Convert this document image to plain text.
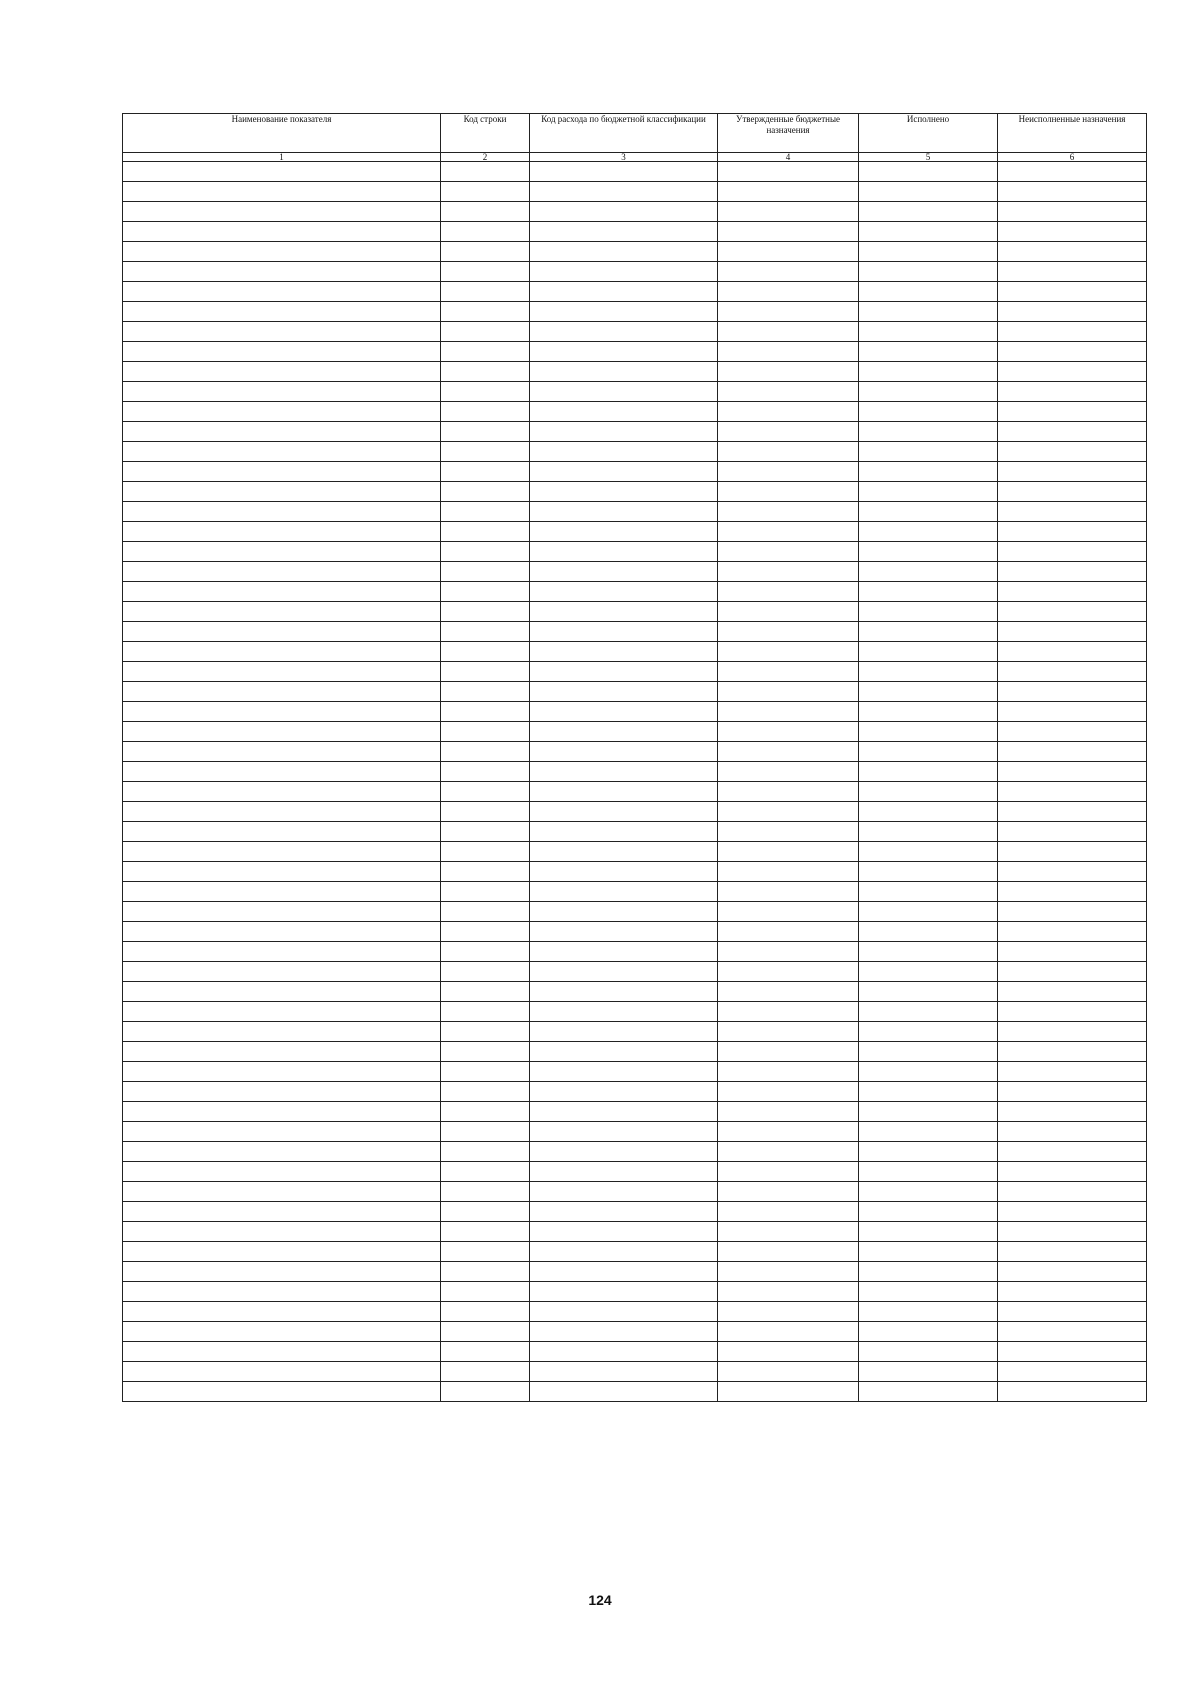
Наименование показателя	Код строки	Код расхода по бюджетной классификации	Утвержденные бюджетные назначения	Исполнено	Неисполненные назначения
1	2	3	4	5	6

124
